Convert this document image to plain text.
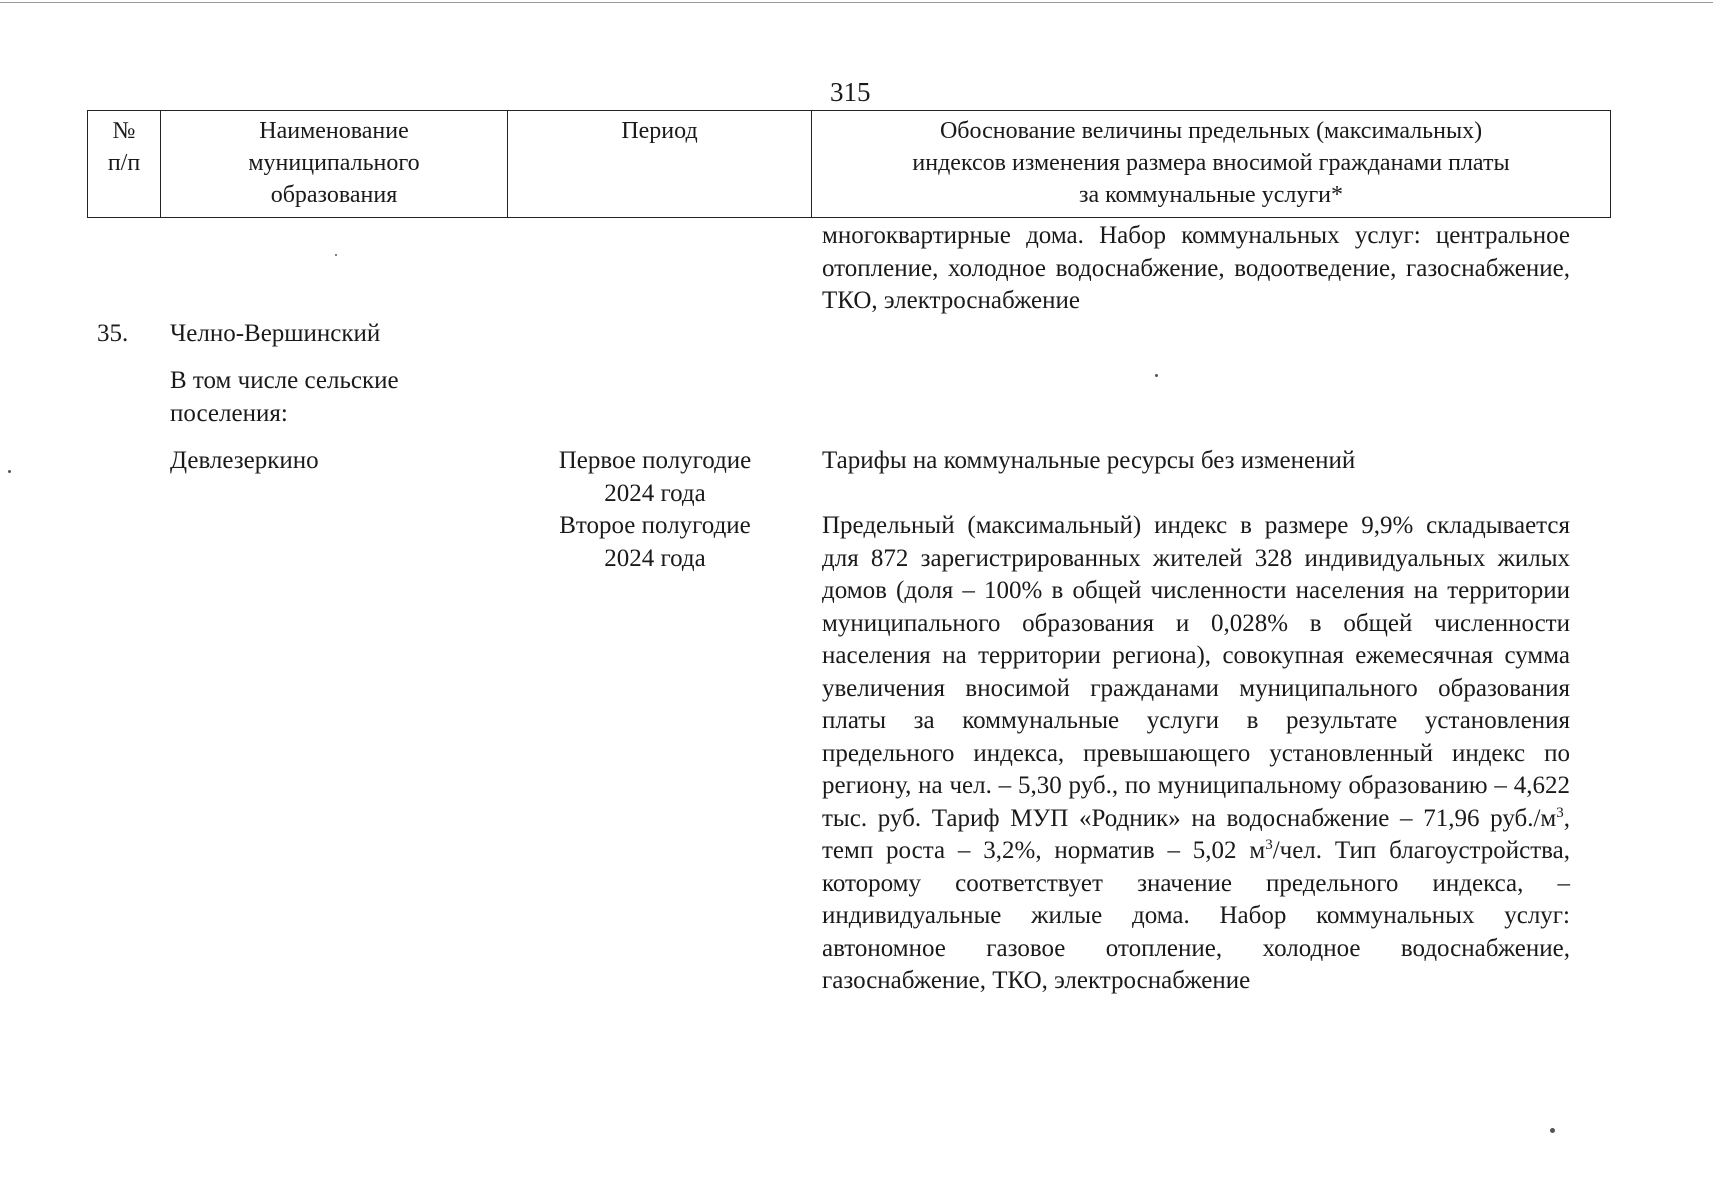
315
№
п/п
Наименование
муниципального
образования
Период	Обоснование величины предельных (максимальных)
индексов изменения размера вносимой гражданами платы
за коммунальные услуги*
многоквартирные дома. Набор коммунальных услуг: центральное отопление, холодное водоснабжение, водоотведение, газоснабжение, ТКО, электроснабжение
35. Челно-Вершинский
В том числе сельские поселения:
Девлезеркино	Первое полугодие
2024 года
Второе полугодие
2024 года
Тарифы на коммунальные ресурсы без изменений
Предельный (максимальный) индекс в размере 9,9% складывается для 872 зарегистрированных жителей 328 индивидуальных жилых домов (доля – 100% в общей численности населения на территории муниципального образования и 0,028% в общей численности населения на территории региона), совокупная ежемесячная сумма увеличения вносимой гражданами муниципального образования платы за коммунальные услуги в результате установления предельного индекса, превышающего установленный индекс по региону, на чел. – 5,30 руб., по муниципальному образованию – 4,622 тыс. руб. Тариф МУП «Родник» на водоснабжение – 71,96 $руб./м^3$, темп роста – 3,2%, норматив – 5,02 $м^3$/чел. Тип благоустройства, которому соответствует значение предельного индекса, – индивидуальные жилые дома. Набор коммунальных услуг: автономное газовое отопление, холодное водоснабжение, газоснабжение, ТКО, электроснабжение
